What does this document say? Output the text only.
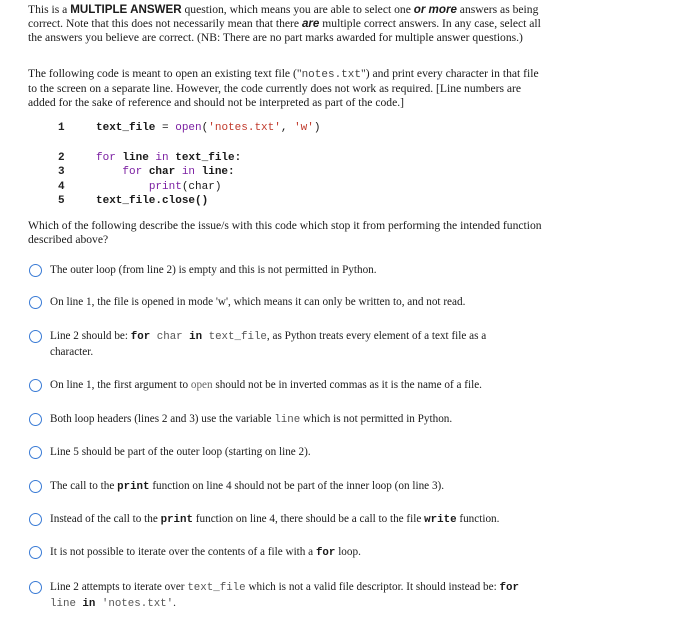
This is a MULTIPLE ANSWER question, which means you are able to select one or more answers as being correct. Note that this does not necessarily mean that there are multiple correct answers. In any case, select all the answers you believe are correct. (NB: There are no part marks awarded for multiple answer questions.)

The following code is meant to open an existing text file ("notes.txt") and print every character in that file to the screen on a separate line. However, the code currently does not work as required. [Line numbers are added for the sake of reference and should not be interpreted as part of the code.]

1	text_file = open('notes.txt', 'w')
2	for line in text_file:
3	for char in line:
4	print(char)
5	text_file.close()

Which of the following describe the issue/s with this code which stop it from performing the intended function described above?

The outer loop (from line 2) is empty and this is not permitted in Python.
On line 1, the file is opened in mode 'w', which means it can only be written to, and not read.
Line 2 should be: for char in text_file, as Python treats every element of a text file as a character.
On line 1, the first argument to open should not be in inverted commas as it is the name of a file.
Both loop headers (lines 2 and 3) use the variable line which is not permitted in Python.
Line 5 should be part of the outer loop (starting on line 2).
The call to the print function on line 4 should not be part of the inner loop (on line 3).
Instead of the call to the print function on line 4, there should be a call to the file write function.
It is not possible to iterate over the contents of a file with a for loop.
Line 2 attempts to iterate over text_file which is not a valid file descriptor. It should instead be: for line in 'notes.txt'.
